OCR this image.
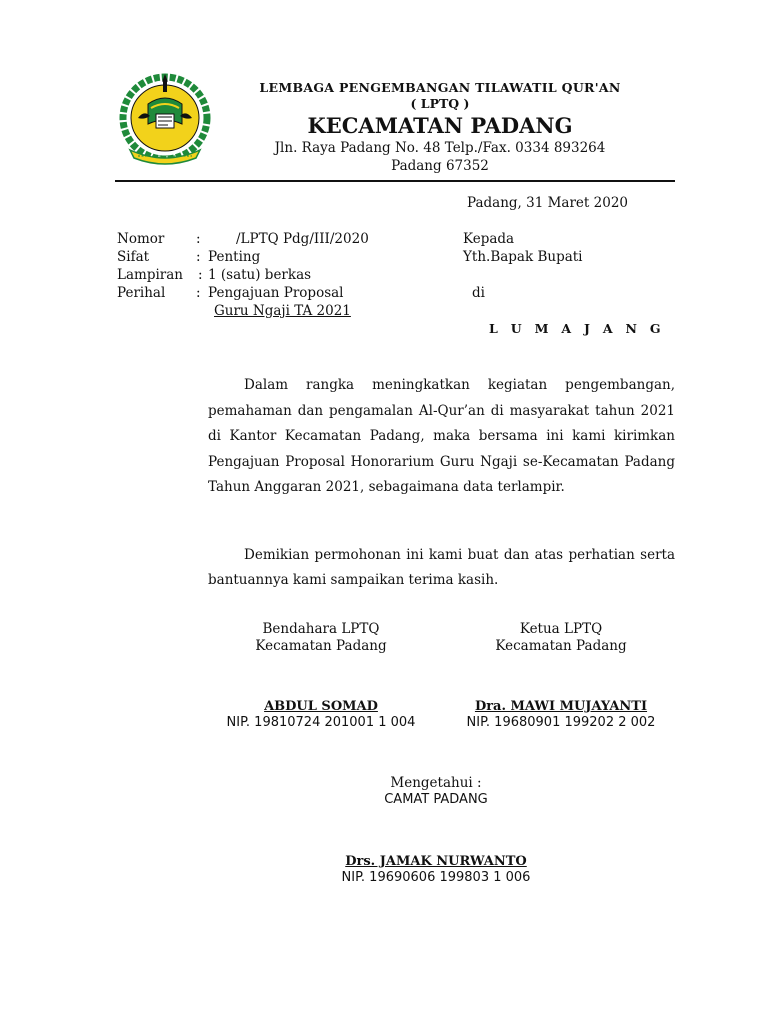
LEMBAGA PENGEMBANGAN TILAWATIL QUR'AN
( LPTQ )
KECAMATAN PADANG
Jln. Raya Padang No. 48 Telp./Fax. 0334 893264
Padang 67352
Padang, 31 Maret 2020
Nomor :	/LPTQ Pdg/III/2020
Sifat	: Penting
Lampiran : 1 (satu) berkas
Perihal : Pengajuan Proposal
Guru Ngaji TA 2021
Kepada
Yth.Bapak Bupati
di
L U M A J A N G

Dalam rangka meningkatkan kegiatan pengembangan, pemahaman dan pengamalan Al-Qur’an di masyarakat tahun 2021 di Kantor Kecamatan Padang, maka bersama ini kami kirimkan Pengajuan Proposal Honorarium Guru Ngaji se-Kecamatan Padang Tahun Anggaran 2021, sebagaimana data terlampir.

Demikian permohonan ini kami buat dan atas perhatian serta bantuannya kami sampaikan terima kasih.

Bendahara LPTQ
Kecamatan Padang
ABDUL SOMAD
NIP. 19810724 201001 1 004
Ketua LPTQ
Kecamatan Padang
Dra. MAWI MUJAYANTI
NIP. 19680901 199202 2 002
Mengetahui :
CAMAT PADANG
Drs. JAMAK NURWANTO
NIP. 19690606 199803 1 006
